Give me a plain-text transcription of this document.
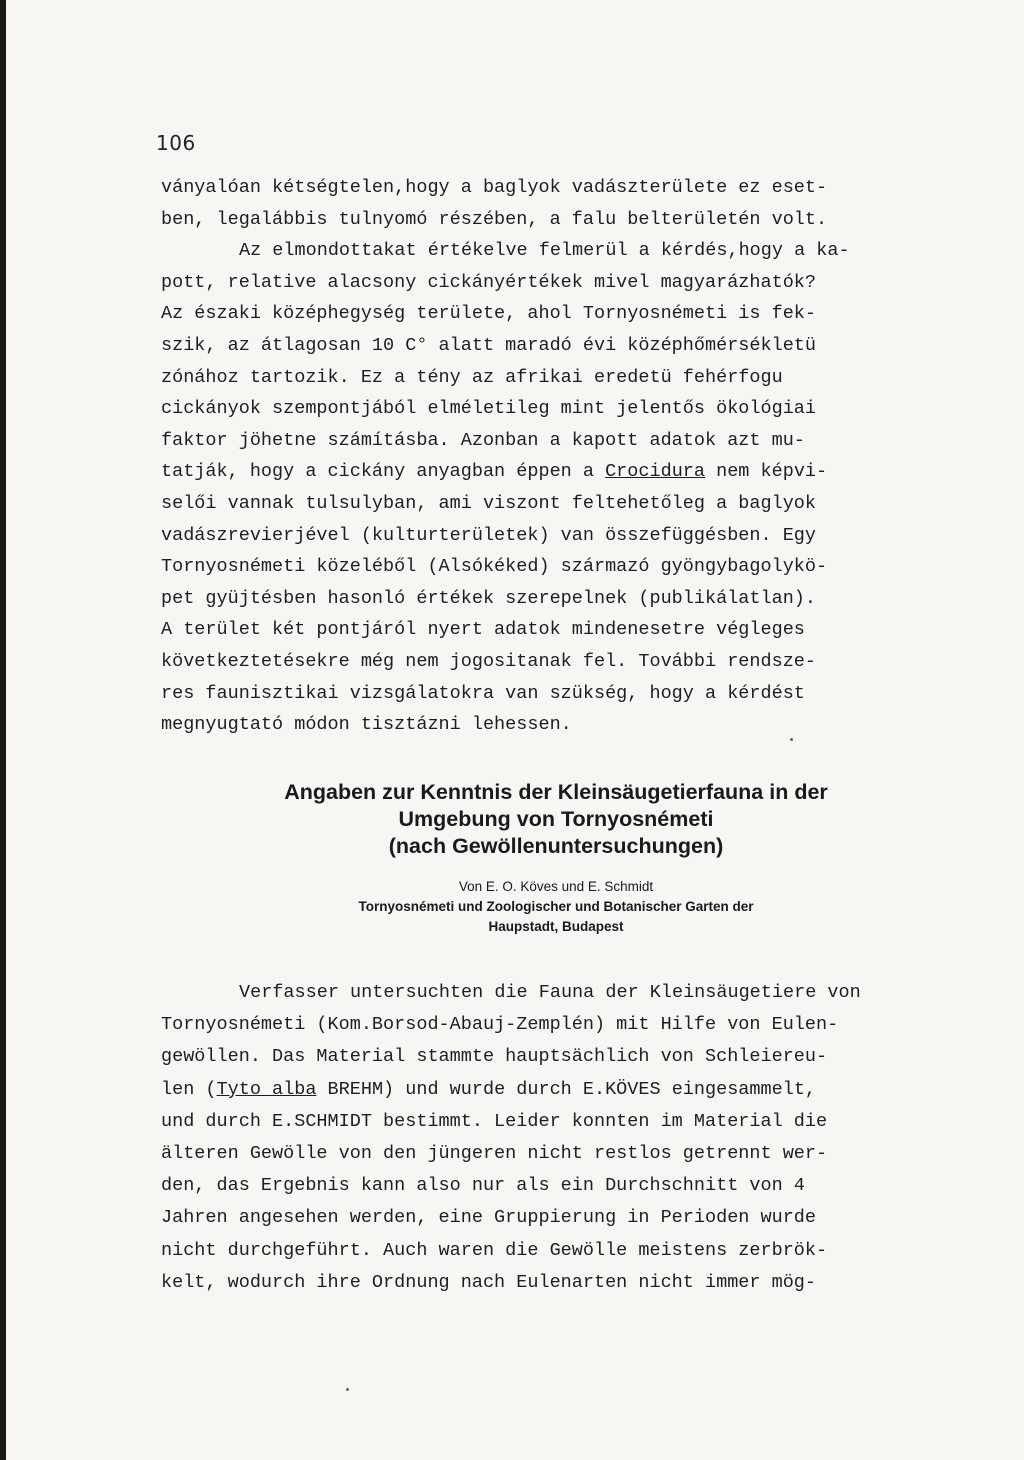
106

ványalóan kétségtelen,hogy a baglyok vadászterülete ez eset-

ben, legalábbis tulnyomó részében, a falu belterületén volt.

Az elmondottakat értékelve felmerül a kérdés,hogy a ka-

pott, relative alacsony cickányértékek mivel magyarázhatók?

Az északi középhegység területe, ahol Tornyosnémeti is fek-

szik, az átlagosan 10 C° alatt maradó évi középhőmérsékletü

zónához tartozik. Ez a tény az afrikai eredetü fehérfogu

cickányok szempontjából elméletileg mint jelentős ökológiai

faktor jöhetne számításba. Azonban a kapott adatok azt mu-

tatják, hogy a cickány anyagban éppen a Crocidura nem képvi-

selői vannak tulsulyban, ami viszont feltehetőleg a baglyok

vadászrevierjével (kulturterületek) van összefüggésben. Egy

Tornyosnémeti közeléből (Alsókéked) származó gyöngybagolykö-

pet gyüjtésben hasonló értékek szerepelnek (publikálatlan).

A terület két pontjáról nyert adatok mindenesetre végleges

következtetésekre még nem jogositanak fel. További rendsze-

res faunisztikai vizsgálatokra van szükség, hogy a kérdést

megnyugtató módon tisztázni lehessen.

Angaben zur Kenntnis der Kleinsäugetierfauna in der
Umgebung von Tornyosnémeti
(nach Gewöllenuntersuchungen)
Von E. O. Köves und E. Schmidt
Tornyosnémeti und Zoologischer und Botanischer Garten der
Haupstadt, Budapest

Verfasser untersuchten die Fauna der Kleinsäugetiere von

Tornyosnémeti (Kom.Borsod-Abauj-Zemplén) mit Hilfe von Eulen-

gewöllen. Das Material stammte hauptsächlich von Schleiereu-

len (Tyto alba BREHM) und wurde durch E.KÖVES eingesammelt,

und durch E.SCHMIDT bestimmt. Leider konnten im Material die

älteren Gewölle von den jüngeren nicht restlos getrennt wer-

den, das Ergebnis kann also nur als ein Durchschnitt von 4

Jahren angesehen werden, eine Gruppierung in Perioden wurde

nicht durchgeführt. Auch waren die Gewölle meistens zerbrök-

kelt, wodurch ihre Ordnung nach Eulenarten nicht immer mög-
